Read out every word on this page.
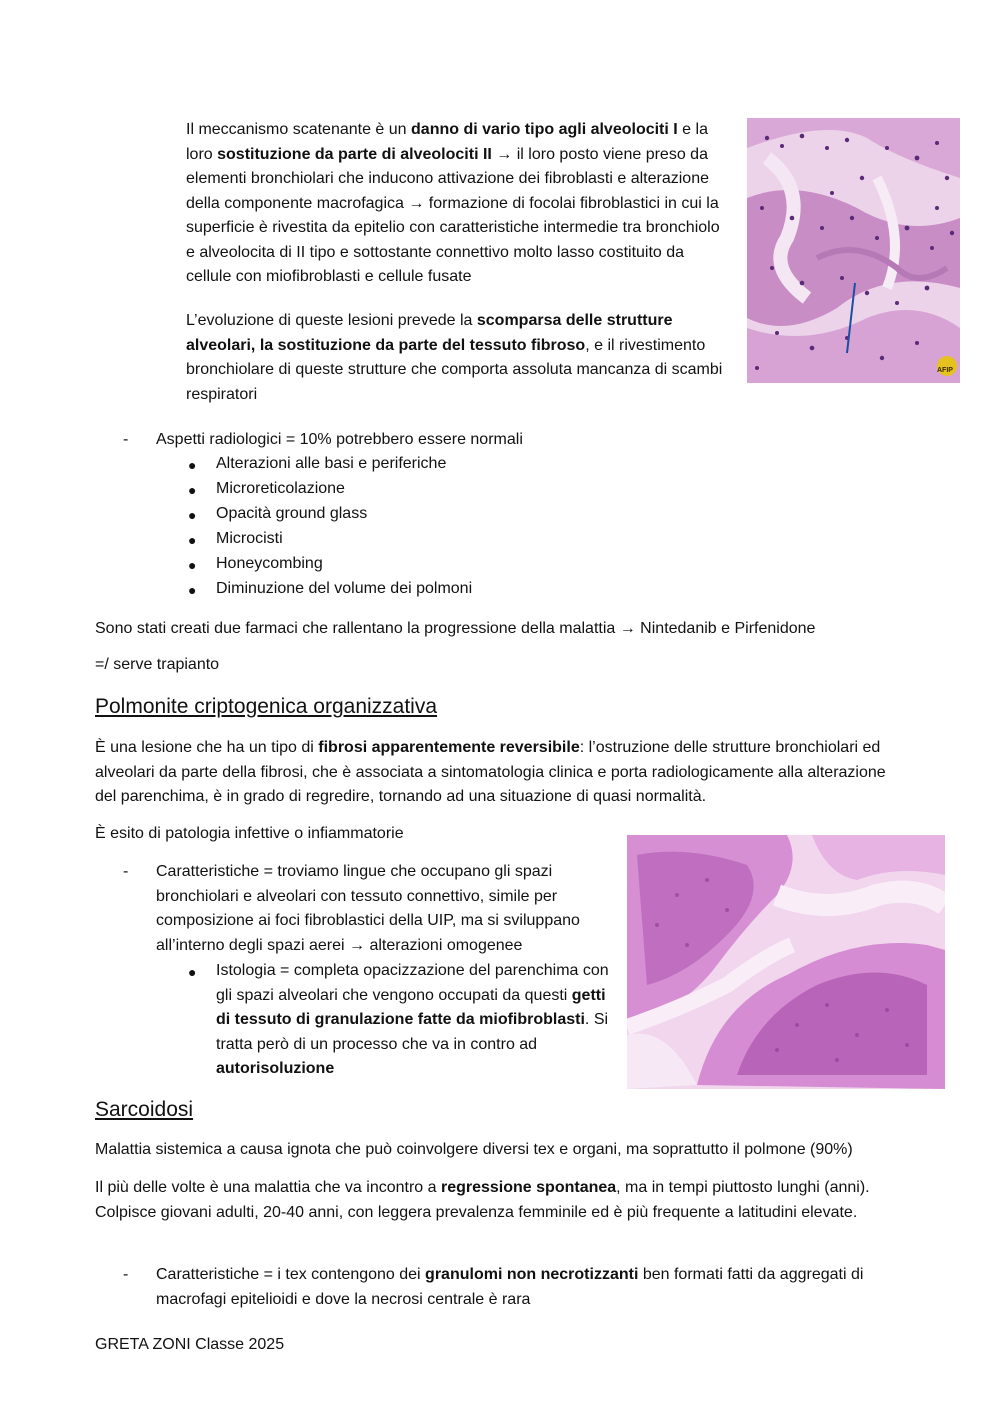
Il meccanismo scatenante è un danno di vario tipo agli alveolociti I e la loro sostituzione da parte di alveolociti II → il loro posto viene preso da elementi bronchiolari che inducono attivazione dei fibroblasti e alterazione della componente macrofagica → formazione di focolai fibroblastici in cui la superficie è rivestita da epitelio con caratteristiche intermedie tra bronchiolo e alveolocita di II tipo e sottostante connettivo molto lasso costituito da cellule con miofibroblasti e cellule fusate
L’evoluzione di queste lesioni prevede la scomparsa delle strutture alveolari, la sostituzione da parte del tessuto fibroso, e il rivestimento bronchiolare di queste strutture che comporta assoluta mancanza di scambi respiratori
AFIP
-	Aspetti radiologici = 10% potrebbero essere normali
● Alterazioni alle basi e periferiche
● Microreticolazione
● Opacità ground glass
● Microcisti
● Honeycombing
● Diminuzione del volume dei polmoni
Sono stati creati due farmaci che rallentano la progressione della malattia → Nintedanib e Pirfenidone
=/ serve trapianto
Polmonite criptogenica organizzativa
È una lesione che ha un tipo di fibrosi apparentemente reversibile: l’ostruzione delle strutture bronchiolari ed alveolari da parte della fibrosi, che è associata a sintomatologia clinica e porta radiologicamente alla alterazione del parenchima, è in grado di regredire, tornando ad una situazione di quasi normalità.
È esito di patologia infettive o infiammatorie
-	Caratteristiche = troviamo lingue che occupano gli spazi bronchiolari e alveolari con tessuto connettivo, simile per composizione ai foci fibroblastici della UIP, ma si sviluppano all’interno degli spazi aerei → alterazioni omogenee
● Istologia = completa opacizzazione del parenchima con gli spazi alveolari che vengono occupati da questi getti di tessuto di granulazione fatte da miofibroblasti. Si tratta però di un processo che va in contro ad autorisoluzione
Sarcoidosi
Malattia sistemica a causa ignota che può coinvolgere diversi tex e organi, ma soprattutto il polmone (90%)
Il più delle volte è una malattia che va incontro a regressione spontanea, ma in tempi piuttosto lunghi (anni). Colpisce giovani adulti, 20-40 anni, con leggera prevalenza femminile ed è più frequente a latitudini elevate.
-	Caratteristiche = i tex contengono dei granulomi non necrotizzanti ben formati fatti da aggregati di macrofagi epitelioidi e dove la necrosi centrale è rara
GRETA ZONI Classe 2025
